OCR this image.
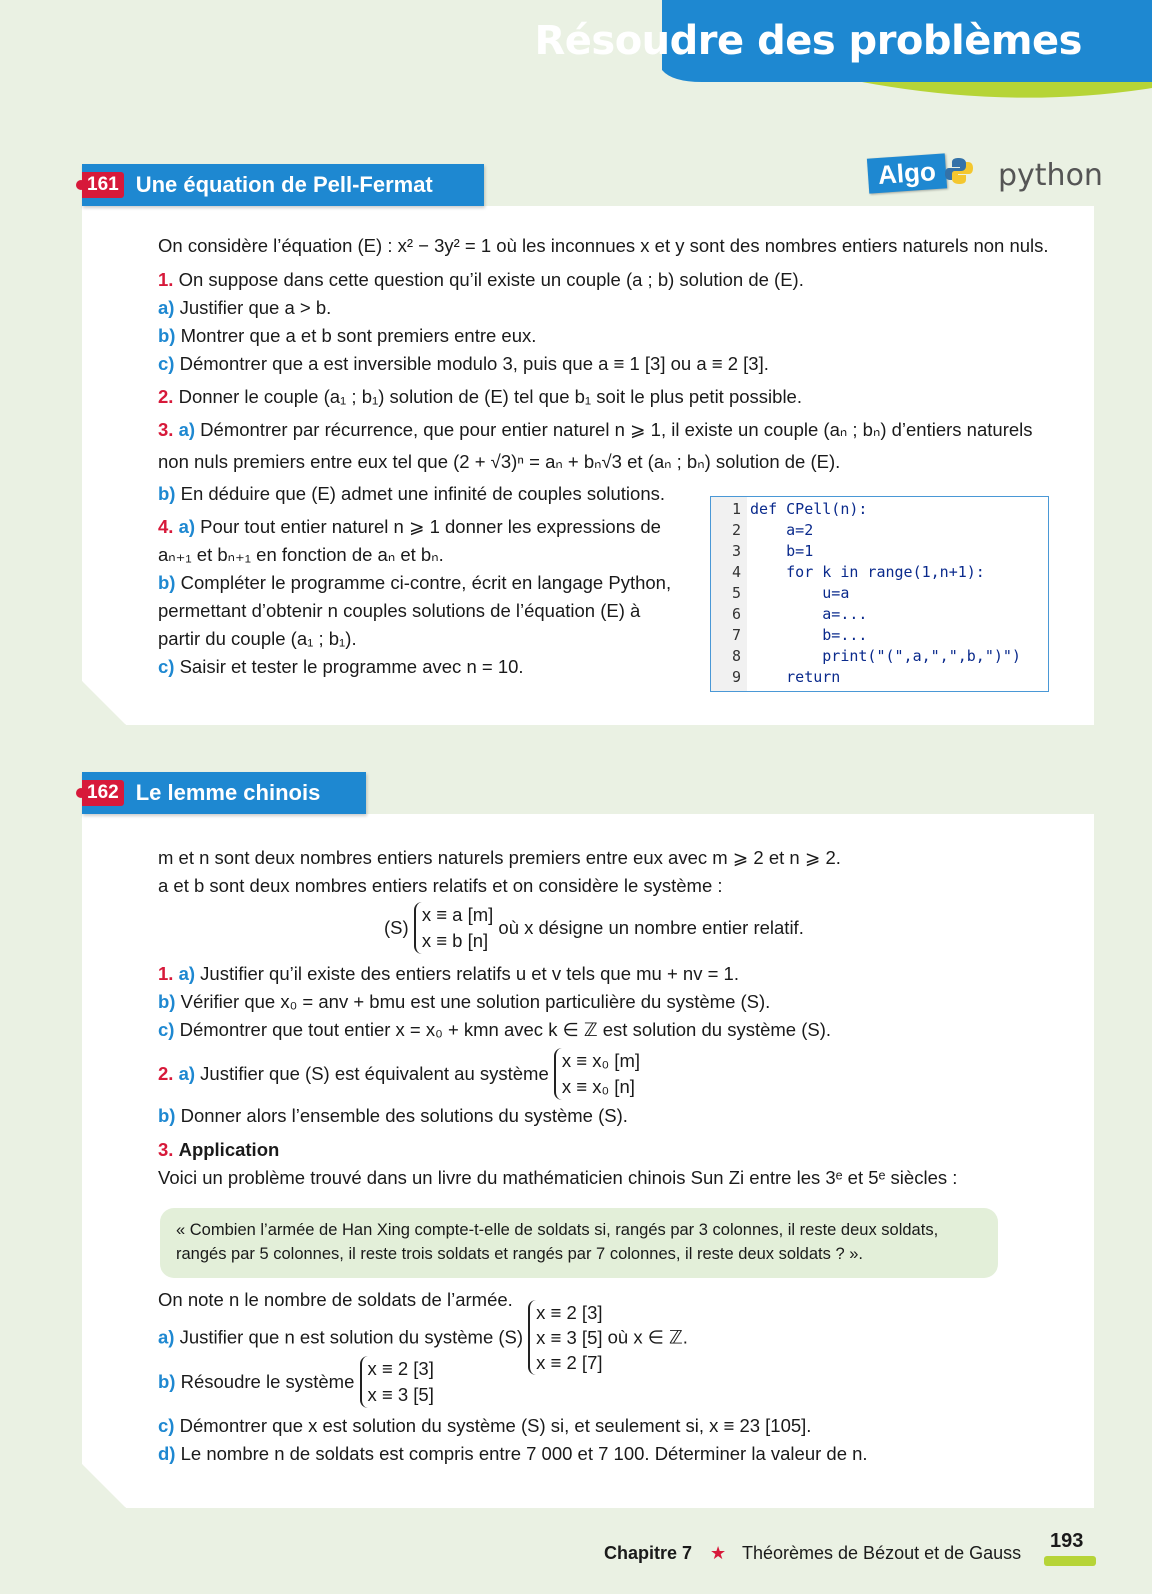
Résoudre des problèmes
161 Une équation de Pell-Fermat	Algo	python
On considère l’équation (E) : x² − 3y² = 1 où les inconnues x et y sont des nombres entiers naturels non nuls.
1. On suppose dans cette question qu’il existe un couple (a ; b) solution de (E).
a) Justifier que a > b.
b) Montrer que a et b sont premiers entre eux.
c) Démontrer que a est inversible modulo 3, puis que a ≡ 1 [3] ou a ≡ 2 [3].
2. Donner le couple (a₁ ; b₁) solution de (E) tel que b₁ soit le plus petit possible.
3. a) Démontrer par récurrence, que pour entier naturel n ⩾ 1, il existe un couple (aₙ ; bₙ) d’entiers naturels
non nuls premiers entre eux tel que (2 + √3)ⁿ = aₙ + bₙ√3 et (aₙ ; bₙ) solution de (E).
b) En déduire que (E) admet une infinité de couples solutions.
4. a) Pour tout entier naturel n ⩾ 1 donner les expressions de
aₙ₊₁ et bₙ₊₁ en fonction de aₙ et bₙ.
b) Compléter le programme ci-contre, écrit en langage Python,
permettant d’obtenir n couples solutions de l’équation (E) à
partir du couple (a₁ ; b₁).
c) Saisir et tester le programme avec n = 10.
1 def CPell(n):
2     a=2
3     b=1
4     for k in range(1,n+1):
5         u=a
6         a=...
7         b=...
8         print("(",a,",",b,")")
9     return
162 Le lemme chinois
m et n sont deux nombres entiers naturels premiers entre eux avec m ⩾ 2 et n ⩾ 2.
a et b sont deux nombres entiers relatifs et on considère le système :
(S) x ≡ a [m]
x ≡ b [n] où x désigne un nombre entier relatif.
1. a) Justifier qu’il existe des entiers relatifs u et v tels que mu + nv = 1.
b) Vérifier que x₀ = anv + bmu est une solution particulière du système (S).
c) Démontrer que tout entier x = x₀ + kmn avec k ∈ ℤ est solution du système (S).
2. a) Justifier que (S) est équivalent au système x ≡ x₀ [m]
x ≡ x₀ [n]
b) Donner alors l’ensemble des solutions du système (S).
3. Application
Voici un problème trouvé dans un livre du mathématicien chinois Sun Zi entre les 3ᵉ et 5ᵉ siècles :
« Combien l’armée de Han Xing compte-t-elle de soldats si, rangés par 3 colonnes, il reste deux soldats,
rangés par 5 colonnes, il reste trois soldats et rangés par 7 colonnes, il reste deux soldats ? ».
On note n le nombre de soldats de l’armée.
a) Justifier que n est solution du système (S) x ≡ 2 [3]
x ≡ 3 [5]
x ≡ 2 [7] où x ∈ ℤ.
b) Résoudre le système x ≡ 2 [3]
x ≡ 3 [5]
c) Démontrer que x est solution du système (S) si, et seulement si, x ≡ 23 [105].
d) Le nombre n de soldats est compris entre 7 000 et 7 100. Déterminer la valeur de n.
Chapitre 7 ★ Théorèmes de Bézout et de Gauss
193
